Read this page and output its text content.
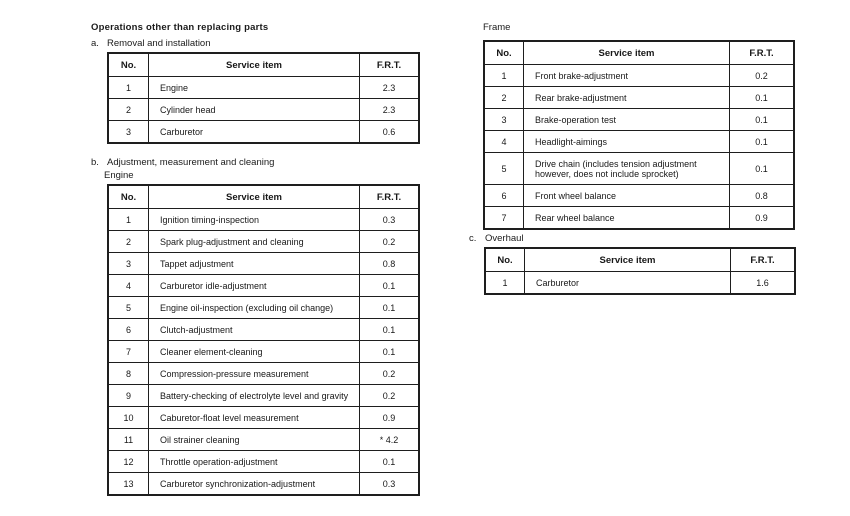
Operations other than replacing parts
a. Removal and installation
No.	Service item	F.R.T.
1	Engine	2.3
2	Cylinder head	2.3
3	Carburetor	0.6
b. Adjustment, measurement and cleaning
Engine
No.	Service item	F.R.T.
1	Ignition timing-inspection	0.3
2	Spark plug-adjustment and cleaning	0.2
3	Tappet adjustment	0.8
4	Carburetor idle-adjustment	0.1
5	Engine oil-inspection (excluding oil change)	0.1
6	Clutch-adjustment	0.1
7	Cleaner element-cleaning	0.1
8	Compression-pressure measurement	0.2
9	Battery-checking of electrolyte level and gravity	0.2
10	Caburetor-float level measurement	0.9
11	Oil strainer cleaning	* 4.2
12	Throttle operation-adjustment	0.1
13	Carburetor synchronization-adjustment	0.3
Frame
No.	Service item	F.R.T.
1	Front brake-adjustment	0.2
2	Rear brake-adjustment	0.1
3	Brake-operation test	0.1
4	Headlight-aimings	0.1
5	Drive chain (includes tension adjustment however, does not include sprocket)	0.1
6	Front wheel balance	0.8
7	Rear wheel balance	0.9
c. Overhaul
No.	Service item	F.R.T.
1	Carburetor	1.6
